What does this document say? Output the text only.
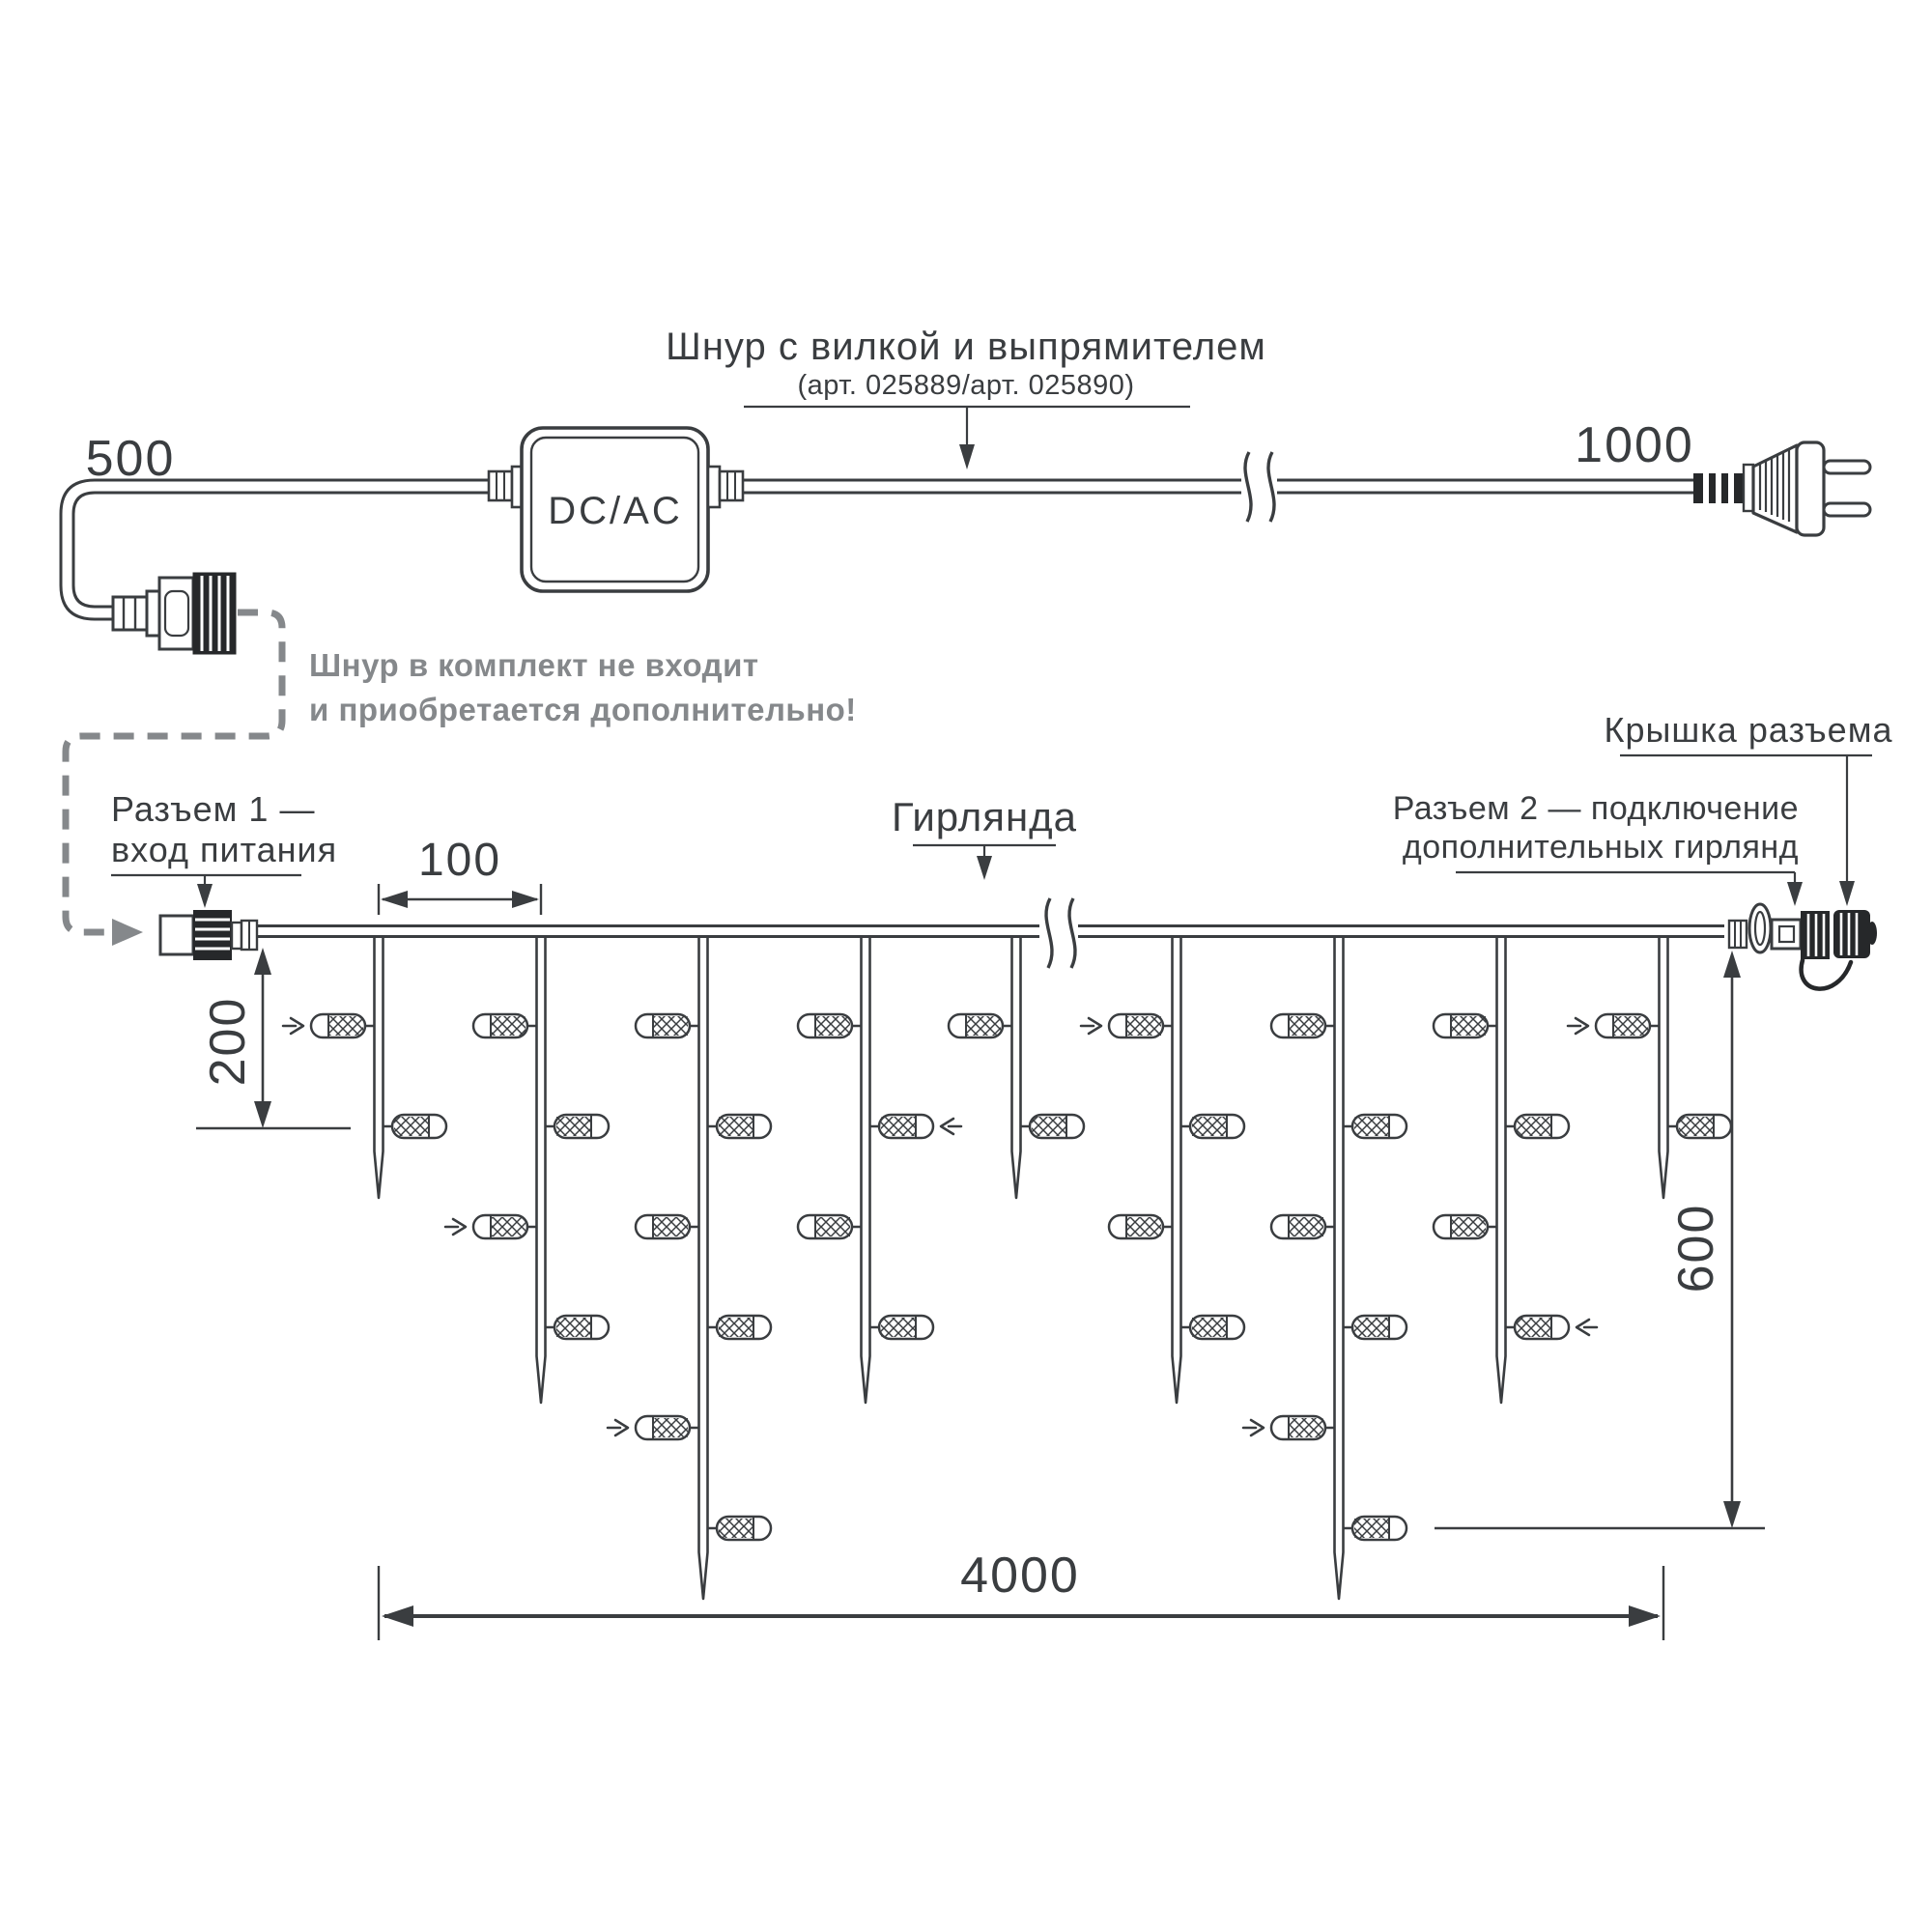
500	1000
DC/AC
Шнур с вилкой и выпрямителем
(арт. 025889/арт. 025890)
Шнур в комплект не входит
и приобретается дополнительно!
Гирлянда
Разъем 1 —
вход питания
Разъем 2 — подключение
дополнительных гирлянд
Крышка разъема
100
200
600
4000
